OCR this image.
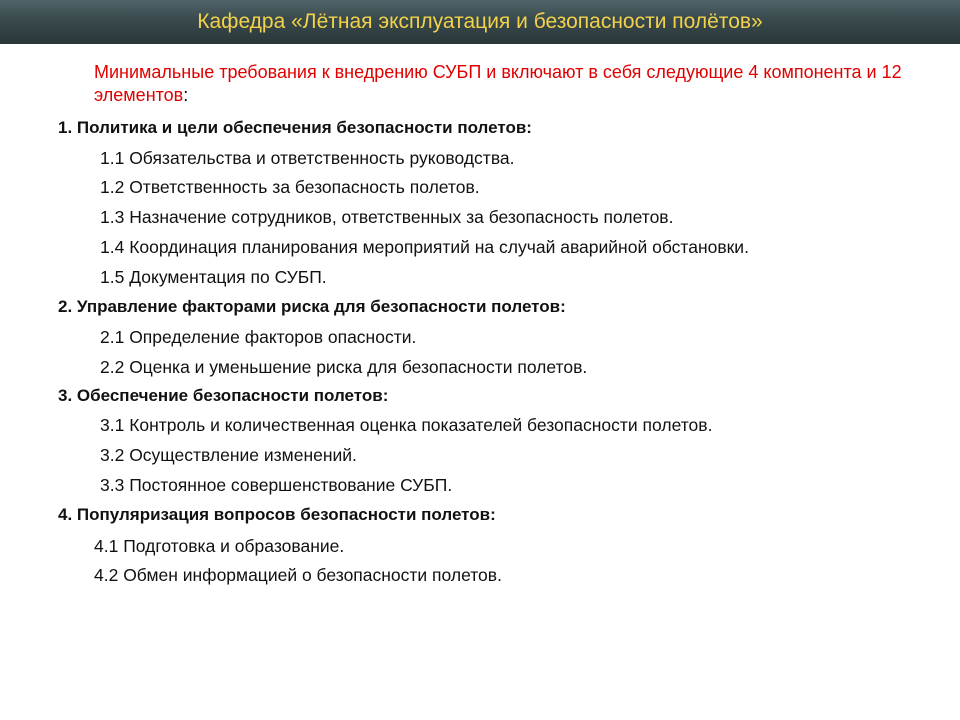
Кафедра «Лётная эксплуатация и безопасности полётов»
Минимальные требования к внедрению СУБП и включают в себя следующие 4 компонента и 12 элементов:
1. Политика и цели обеспечения безопасности полетов:
1.1 Обязательства и ответственность руководства.
1.2 Ответственность за безопасность полетов.
1.3 Назначение сотрудников, ответственных за безопасность полетов.
1.4 Координация планирования мероприятий на случай аварийной обстановки.
1.5 Документация по СУБП.
2. Управление факторами риска для безопасности полетов:
2.1 Определение факторов опасности.
2.2 Оценка и уменьшение риска для безопасности полетов.
3. Обеспечение безопасности полетов:
3.1 Контроль и количественная оценка показателей безопасности полетов.
3.2 Осуществление изменений.
3.3 Постоянное совершенствование СУБП.
4. Популяризация вопросов безопасности полетов:
4.1 Подготовка и образование.
4.2 Обмен информацией о безопасности полетов.
